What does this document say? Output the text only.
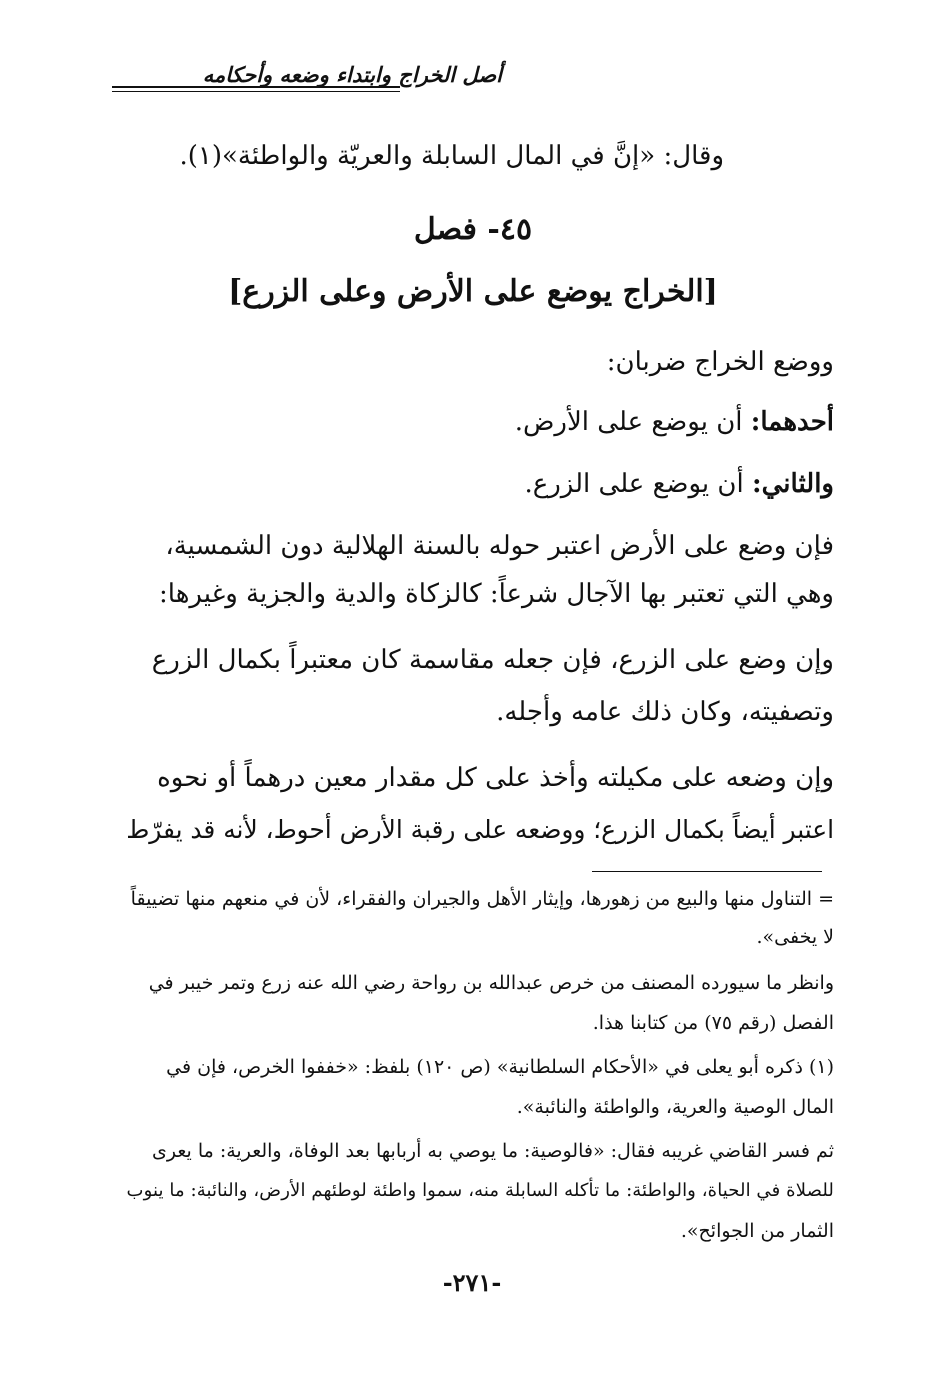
أصل الخراج وابتداء وضعه وأحكامه
وقال: «إنَّ في المال السابلة والعريّة والواطئة»(١).
٤٥- فصل
[الخراج يوضع على الأرض وعلى الزرع]
ووضع الخراج ضربان:
أحدهما: أن يوضع على الأرض.
والثاني: أن يوضع على الزرع.
فإن وضع على الأرض اعتبر حوله بالسنة الهلالية دون الشمسية،
وهي التي تعتبر بها الآجال شرعاً: كالزكاة والدية والجزية وغيرها:
وإن وضع على الزرع، فإن جعله مقاسمة كان معتبراً بكمال الزرع
وتصفيته، وكان ذلك عامه وأجله.
وإن وضعه على مكيلته وأخذ على كل مقدار معين درهماً أو نحوه
اعتبر أيضاً بكمال الزرع؛ ووضعه على رقبة الأرض أحوط، لأنه قد يفرّط
= التناول منها والبيع من زهورها، وإيثار الأهل والجيران والفقراء، لأن في منعهم منها تضييقاً
لا يخفى».
وانظر ما سيورده المصنف من خرص عبدالله بن رواحة رضي الله عنه زرع وتمر خيبر في
الفصل (رقم ٧٥) من كتابنا هذا.
(١) ذكره أبو يعلى في «الأحكام السلطانية» (ص ١٢٠) بلفظ: «خففوا الخرص، فإن في
المال الوصية والعرية، والواطئة والنائبة».
ثم فسر القاضي غريبه فقال: «فالوصية: ما يوصي به أربابها بعد الوفاة، والعرية: ما يعرى
للصلاة في الحياة، والواطئة: ما تأكله السابلة منه، سموا واطئة لوطئهم الأرض، والنائبة: ما ينوب
الثمار من الجوائح».
-٢٧١-
